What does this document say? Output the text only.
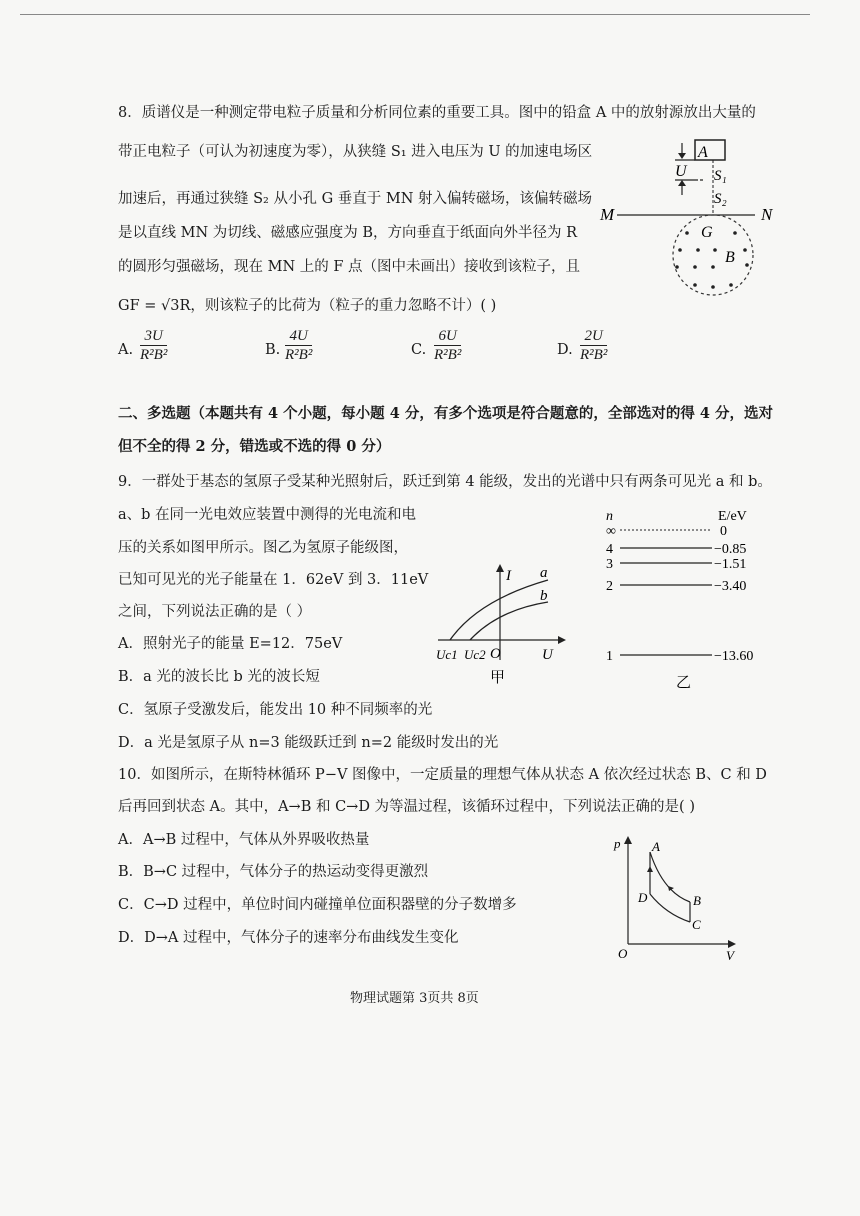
8．质谱仪是一种测定带电粒子质量和分析同位素的重要工具。图中的铅盒 A 中的放射源放出大量的
带正电粒子（可认为初速度为零），从狭缝 S₁ 进入电压为 U 的加速电场区
加速后，再通过狭缝 S₂ 从小孔 G 垂直于 MN 射入偏转磁场，该偏转磁场
是以直线 MN 为切线、磁感应强度为 B，方向垂直于纸面向外半径为 R
的圆形匀强磁场，现在 MN 上的 F 点（图中未画出）接收到该粒子，且
GF = √3R，则该粒子的比荷为（粒子的重力忽略不计）( )
A. $\frac{3U}{\text{R²B²}}$	B. $\frac{4U}{\text{R²B²}}$	C. $\frac{6U}{\text{R²B²}}$	D. $\frac{2U}{\text{R²B²}}$
A
U S₁
S₂
M	N
G
B
二、多选题（本题共有 4 个小题，每小题 4 分，有多个选项是符合题意的，全部选对的得 4 分，选对
但不全的得 2 分，错选或不选的得 0 分）
9．一群处于基态的氢原子受某种光照射后，跃迁到第 4 能级，发出的光谱中只有两条可见光 a 和 b。
a、b 在同一光电效应装置中测得的光电流和电
压的关系如图甲所示。图乙为氢原子能级图，
已知可见光的光子能量在 1．62eV 到 3．11eV
之间，下列说法正确的是（ ）
A．照射光子的能量 E=12．75eV
B．a 光的波长比 b 光的波长短
C．氢原子受激发后，能发出 10 种不同频率的光
D．a 光是氢原子从 n=3 能级跃迁到 n=2 能级时发出的光
I
U
O
a
b
Uc1 Uc2
甲
n	E/eV
∞	0
4	−0.85
3	−1.51
2	−3.40
1	−13.60
乙
10．如图所示，在斯特林循环 P−V 图像中，一定质量的理想气体从状态 A 依次经过状态 B、C 和 D
后再回到状态 A。其中，A→B 和 C→D 为等温过程，该循环过程中，下列说法正确的是( )
A．A→B 过程中，气体从外界吸收热量
B．B→C 过程中，气体分子的热运动变得更激烈
C．C→D 过程中，单位时间内碰撞单位面积器壁的分子数增多
D．D→A 过程中，气体分子的速率分布曲线发生变化
p
O	V
A
B
C
D
物理试题第 3页共 8页
